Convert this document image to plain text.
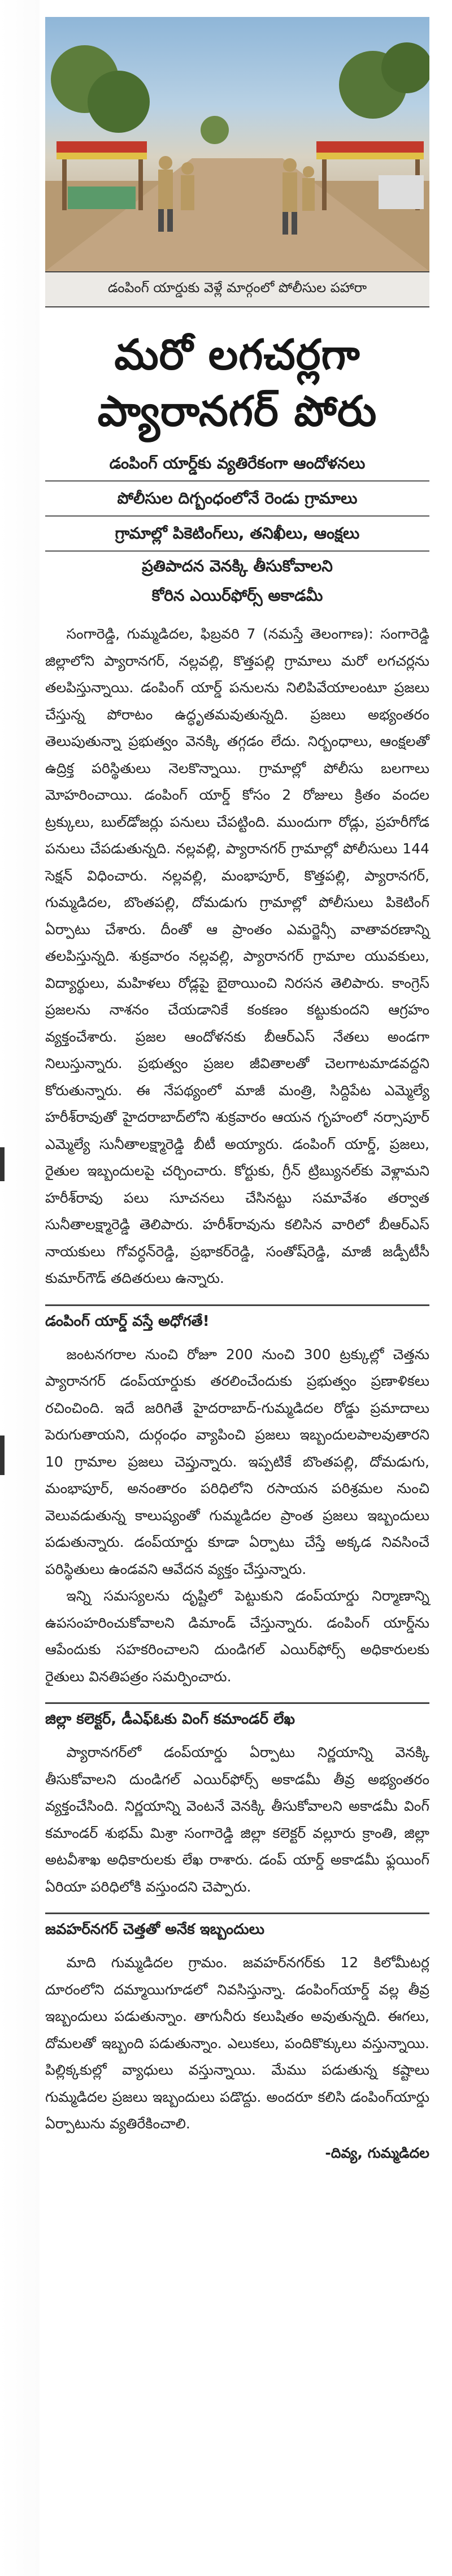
డంపింగ్ యార్డుకు వెళ్లే మార్గంలో పోలీసుల పహారా
మరో లగచర్లగా
ప్యారానగర్ పోరు
డంపింగ్ యార్డ్‌కు వ్యతిరేకంగా ఆందోళనలు
పోలీసుల దిగ్బంధంలోనే రెండు గ్రామాలు
గ్రామాల్లో పికెటింగ్‌లు, తనిఖీలు, ఆంక్షలు
ప్రతిపాదన వెనక్కి తీసుకోవాలని
కోరిన ఎయిర్‌ఫోర్స్ అకాడమీ

సంగారెడ్డి, గుమ్మడిదల, ఫిబ్రవరి 7 (నమస్తే తెలంగాణ): సంగారెడ్డి జిల్లాలోని ప్యారానగర్, నల్లవల్లి, కొత్తపల్లి గ్రామాలు మరో లగచర్లను తలపిస్తున్నాయి. డంపింగ్ యార్డ్ పనులను నిలిపివేయాలంటూ ప్రజలు చేస్తున్న పోరాటం ఉద్ధృతమవుతున్నది. ప్రజలు అభ్యంతరం తెలుపుతున్నా ప్రభుత్వం వెనక్కి తగ్గడం లేదు. నిర్బంధాలు, ఆంక్షలతో ఉద్రిక్త పరిస్థితులు నెలకొన్నాయి. గ్రామాల్లో పోలీసు బలగాలు మోహరించాయి. డంపింగ్ యార్డ్ కోసం 2 రోజులు క్రితం వందల ట్రక్కులు, బుల్‌డోజర్లు పనులు చేపట్టింది. ముందుగా రోడ్లు, ప్రహరీగోడ పనులు చేపడుతున్నది. నల్లవల్లి, ప్యారానగర్ గ్రామాల్లో పోలీసులు 144 సెక్షన్ విధించారు. నల్లవల్లి, మంభాపూర్, కొత్తపల్లి, ప్యారానగర్, గుమ్మడిదల, బొంతపల్లి, దోమడుగు గ్రామాల్లో పోలీసులు పికెటింగ్ ఏర్పాటు చేశారు. దీంతో ఆ ప్రాంతం ఎమర్జెన్సీ వాతావరణాన్ని తలపిస్తున్నది. శుక్రవారం నల్లవల్లి, ప్యారానగర్ గ్రామాల యువకులు, విద్యార్థులు, మహిళలు రోడ్లపై బైఠాయించి నిరసన తెలిపారు. కాంగ్రెస్ ప్రజలను నాశనం చేయడానికే కంకణం కట్టుకుందని ఆగ్రహం వ్యక్తంచేశారు. ప్రజల ఆందోళనకు బీఆర్ఎస్ నేతలు అండగా నిలుస్తున్నారు. ప్రభుత్వం ప్రజల జీవితాలతో చెలగాటమాడవద్దని కోరుతున్నారు. ఈ నేపథ్యంలో మాజీ మంత్రి, సిద్దిపేట ఎమ్మెల్యే హరీశ్‌రావుతో హైదరాబాద్‌లోని శుక్రవారం ఆయన గృహంలో నర్సాపూర్ ఎమ్మెల్యే సునీతాలక్ష్మారెడ్డి బీటీ అయ్యారు. డంపింగ్ యార్డ్, ప్రజలు, రైతుల ఇబ్బందులపై చర్చించారు. కోర్టుకు, గ్రీన్ ట్రిబ్యునల్‌కు వెళ్లామని హరీశ్‌రావు పలు సూచనలు చేసినట్టు సమావేశం తర్వాత సునీతాలక్ష్మారెడ్డి తెలిపారు. హరీశ్‌రావును కలిసిన వారిలో బీఆర్ఎస్ నాయకులు గోవర్ధన్‌రెడ్డి, ప్రభాకర్‌రెడ్డి, సంతోష్‌రెడ్డి, మాజీ జడ్పీటీసీ కుమార్‌గౌడ్ తదితరులు ఉన్నారు.

డంపింగ్ యార్డ్ వస్తే అధోగతే!

జంటనగరాల నుంచి రోజూ 200 నుంచి 300 ట్రక్కుల్లో చెత్తను ప్యారానగర్ డంప్‌యార్డుకు తరలించేందుకు ప్రభుత్వం ప్రణాళికలు రచించింది. ఇదే జరిగితే హైదరాబాద్-గుమ్మడిదల రోడ్డు ప్రమాదాలు పెరుగుతాయని, దుర్గంధం వ్యాపించి ప్రజలు ఇబ్బందులపాలవుతారని 10 గ్రామాల ప్రజలు చెప్తున్నారు. ఇప్పటికే బొంతపల్లి, దోమడుగు, మంభాపూర్, అనంతారం పరిధిలోని రసాయన పరిశ్రమల నుంచి వెలువడుతున్న కాలుష్యంతో గుమ్మడిదల ప్రాంత ప్రజలు ఇబ్బందులు పడుతున్నారు. డంప్‌యార్డు కూడా ఏర్పాటు చేస్తే అక్కడ నివసించే పరిస్థితులు ఉండవని ఆవేదన వ్యక్తం చేస్తున్నారు.

ఇన్ని సమస్యలను దృష్టిలో పెట్టుకుని డంప్‌యార్డు నిర్మాణాన్ని ఉపసంహరించుకోవాలని డిమాండ్ చేస్తున్నారు. డంపింగ్ యార్డ్‌ను ఆపేందుకు సహకరించాలని దుండిగల్ ఎయిర్‌ఫోర్స్ అధికారులకు రైతులు వినతిపత్రం సమర్పించారు.

జిల్లా కలెక్టర్, డీఎఫ్‌ఓకు వింగ్ కమాండర్ లేఖ

ప్యారానగర్‌లో డంప్‌యార్డు ఏర్పాటు నిర్ణయాన్ని వెనక్కి తీసుకోవాలని దుండిగల్ ఎయిర్‌ఫోర్స్ అకాడమీ తీవ్ర అభ్యంతరం వ్యక్తంచేసింది. నిర్ణయాన్ని వెంటనే వెనక్కి తీసుకోవాలని అకాడమీ వింగ్ కమాండర్ శుభమ్ మిశ్రా సంగారెడ్డి జిల్లా కలెక్టర్ వల్లూరు క్రాంతి, జిల్లా అటవీశాఖ అధికారులకు లేఖ రాశారు. డంప్ యార్డ్ అకాడమీ ఫ్లయింగ్ ఏరియా పరిధిలోకి వస్తుందని చెప్పారు.

జవహర్‌నగర్ చెత్తతో అనేక ఇబ్బందులు

మాది గుమ్మడిదల గ్రామం. జవహర్‌నగర్‌కు 12 కిలోమీటర్ల దూరంలోని దమ్మాయిగూడలో నివసిస్తున్నా. డంపింగ్‌యార్డ్ వల్ల తీవ్ర ఇబ్బందులు పడుతున్నాం. తాగునీరు కలుషితం అవుతున్నది. ఈగలు, దోమలతో ఇబ్బంది పడుతున్నాం. ఎలుకలు, పందికొక్కులు వస్తున్నాయి. పిల్లిక్కకుల్లో వ్యాధులు వస్తున్నాయి. మేము పడుతున్న కష్టాలు గుమ్మడిదల ప్రజలు ఇబ్బందులు పడొద్దు. అందరూ కలిసి డంపింగ్‌యార్డు ఏర్పాటును వ్యతిరేకించాలి.

-దివ్య, గుమ్మడిదల
